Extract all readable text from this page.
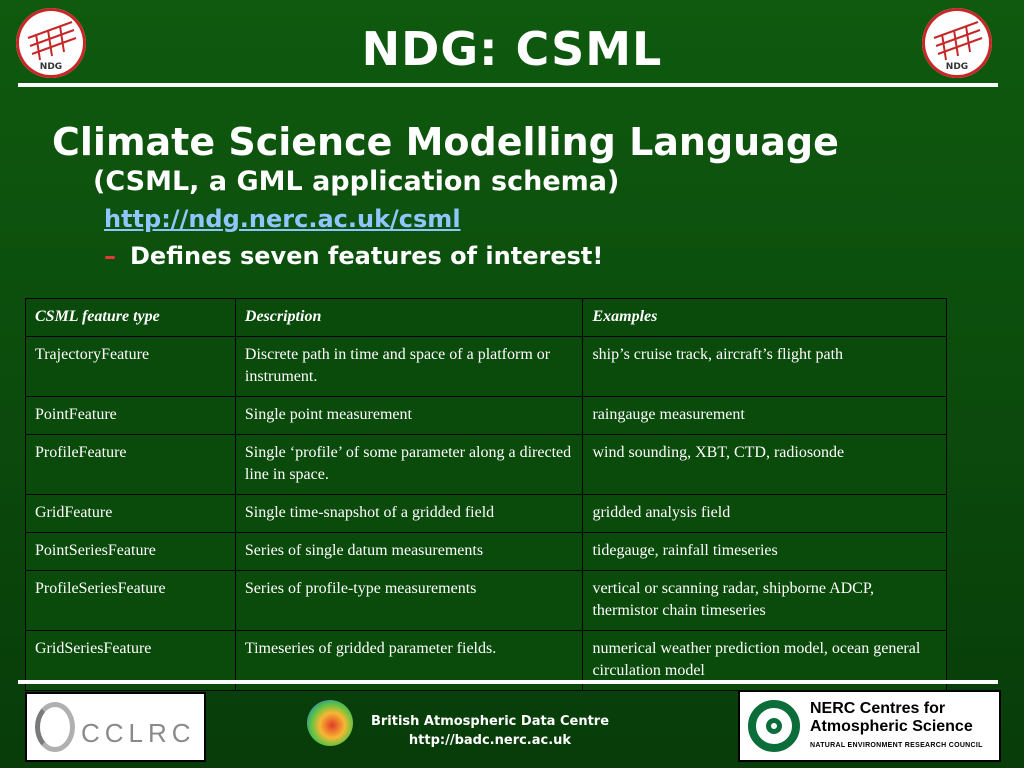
NDG	NDG
NDG: CSML
Climate Science Modelling Language
(CSML, a GML application schema)
http://ndg.nerc.ac.uk/csml
– Defines seven features of interest!
CSML feature type	Description	Examples
TrajectoryFeature	Discrete path in time and space of a platform or instrument.	ship’s cruise track, aircraft’s flight path
PointFeature	Single point measurement	raingauge measurement
ProfileFeature	Single ‘profile’ of some parameter along a directed line in space.	wind sounding, XBT, CTD, radiosonde
GridFeature	Single time-snapshot of a gridded field	gridded analysis field
PointSeriesFeature	Series of single datum measurements	tidegauge, rainfall timeseries
ProfileSeriesFeature	Series of profile-type measurements	vertical or scanning radar, shipborne ADCP, thermistor chain timeseries
GridSeriesFeature	Timeseries of gridded parameter fields.	numerical weather prediction model, ocean general circulation model
CCLRC	British Atmospheric Data Centre
http://badc.nerc.ac.uk
NERC Centres for
Atmospheric Science
NATURAL ENVIRONMENT RESEARCH COUNCIL
